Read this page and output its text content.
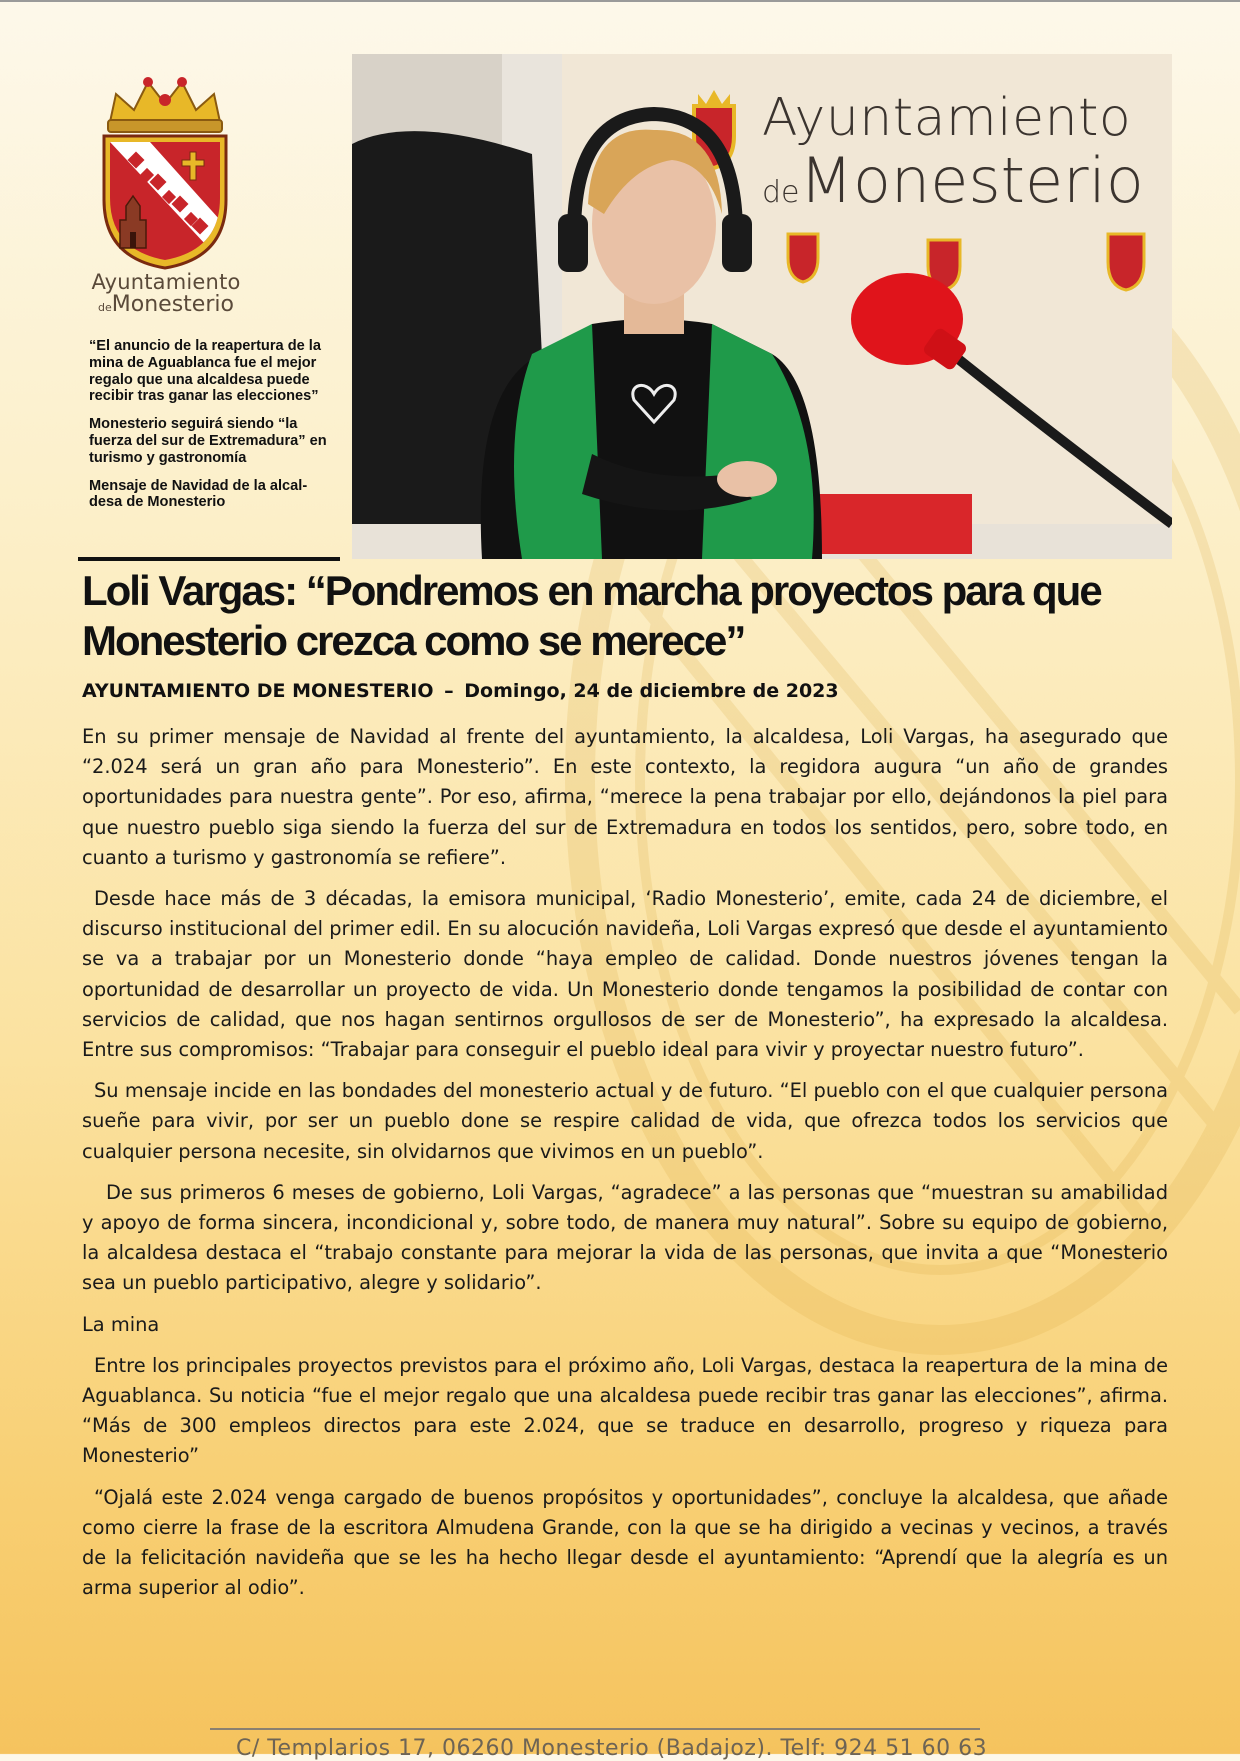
Ayuntamiento
deMonesterio

“El anuncio de la reapertura de la mina de Aguablanca fue el mejor regalo que una alcaldesa puede recibir tras ganar las elecciones”

Monesterio seguirá siendo “la fuerza del sur de Extremadura” en turismo y gastronomía

Mensaje de Navidad de la alcal-desa de Monesterio

Ayuntamiento
deMonesterio
Loli Vargas: “Pondremos en marcha proyectos para que Monesterio crezca como se merece”

AYUNTAMIENTO DE MONESTERIO – Domingo, 24 de diciembre de 2023

En su primer mensaje de Navidad al frente del ayuntamiento, la alcaldesa, Loli Vargas, ha asegurado que “2.024 será un gran año para Monesterio”. En este contexto, la regidora augura “un año de grandes oportunidades para nuestra gente”. Por eso, afirma, “merece la pena trabajar por ello, dejándonos la piel para que nuestro pueblo siga siendo la fuerza del sur de Extremadura en todos los sentidos, pero, sobre todo, en cuanto a turismo y gastronomía se refiere”.

Desde hace más de 3 décadas, la emisora municipal, ‘Radio Monesterio’, emite, cada 24 de diciembre, el discurso institucional del primer edil. En su alocución navideña, Loli Vargas expresó que desde el ayuntamiento se va a trabajar por un Monesterio donde “haya empleo de calidad. Donde nuestros jóvenes tengan la oportunidad de desarrollar un proyecto de vida. Un Monesterio donde tengamos la posibilidad de contar con servicios de calidad, que nos hagan sentirnos orgullosos de ser de Monesterio”, ha expresado la alcaldesa. Entre sus compromisos: “Trabajar para conseguir el pueblo ideal para vivir y proyectar nuestro futuro”.

Su mensaje incide en las bondades del monesterio actual y de futuro. “El pueblo con el que cualquier persona sueñe para vivir, por ser un pueblo done se respire calidad de vida, que ofrezca todos los servicios que cualquier persona necesite, sin olvidarnos que vivimos en un pueblo”.

De sus primeros 6 meses de gobierno, Loli Vargas, “agradece” a las personas que “muestran su amabilidad y apoyo de forma sincera, incondicional y, sobre todo, de manera muy natural”. Sobre su equipo de gobierno, la alcaldesa destaca el “trabajo constante para mejorar la vida de las personas, que invita a que “Monesterio sea un pueblo participativo, alegre y solidario”.

La mina

Entre los principales proyectos previstos para el próximo año, Loli Vargas, destaca la reapertura de la mina de Aguablanca. Su noticia “fue el mejor regalo que una alcaldesa puede recibir tras ganar las elecciones”, afirma. “Más de 300 empleos directos para este 2.024, que se traduce en desarrollo, progreso y riqueza para Monesterio”

“Ojalá este 2.024 venga cargado de buenos propósitos y oportunidades”, concluye la alcaldesa, que añade como cierre la frase de la escritora Almudena Grande, con la que se ha dirigido a vecinas y vecinos, a través de la felicitación navideña que se les ha hecho llegar desde el ayuntamiento: “Aprendí que la alegría es un arma superior al odio”.

C/ Templarios 17, 06260 Monesterio (Badajoz). Telf: 924 51 60 63
